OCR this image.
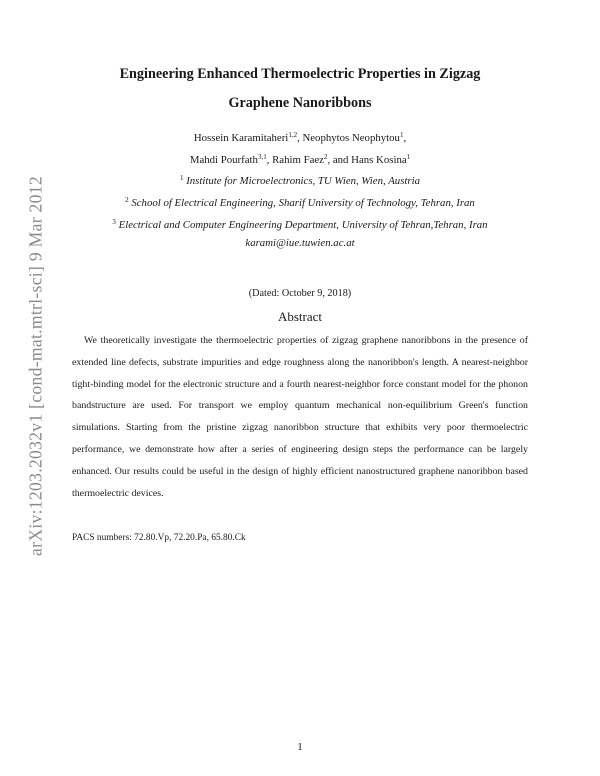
arXiv:1203.2032v1 [cond-mat.mtrl-sci] 9 Mar 2012
Engineering Enhanced Thermoelectric Properties in Zigzag
Graphene Nanoribbons
Hossein Karamitaheri$^{1,2}$, Neophytos Neophytou$^1$,
Mahdi Pourfath$^{3,1}$, Rahim Faez$^2$, and Hans Kosina$^1$
$^1$ Institute for Microelectronics, TU Wien, Wien, Austria
$^2$ School of Electrical Engineering, Sharif University of Technology, Tehran, Iran
$^3$ Electrical and Computer Engineering Department, University of Tehran,Tehran, Iran
karami@iue.tuwien.ac.at
(Dated: October 9, 2018)
Abstract
We theoretically investigate the thermoelectric properties of zigzag graphene nanoribbons in the presence of extended line defects, substrate impurities and edge roughness along the nanoribbon's length. A nearest-neighbor tight-binding model for the electronic structure and a fourth nearest-neighbor force constant model for the phonon bandstructure are used. For transport we employ quantum mechanical non-equilibrium Green's function simulations. Starting from the pristine zigzag nanoribbon structure that exhibits very poor thermoelectric performance, we demonstrate how after a series of engineering design steps the performance can be largely enhanced. Our results could be useful in the design of highly efficient nanostructured graphene nanoribbon based thermoelectric devices.
PACS numbers: 72.80.Vp, 72.20.Pa, 65.80.Ck
1
